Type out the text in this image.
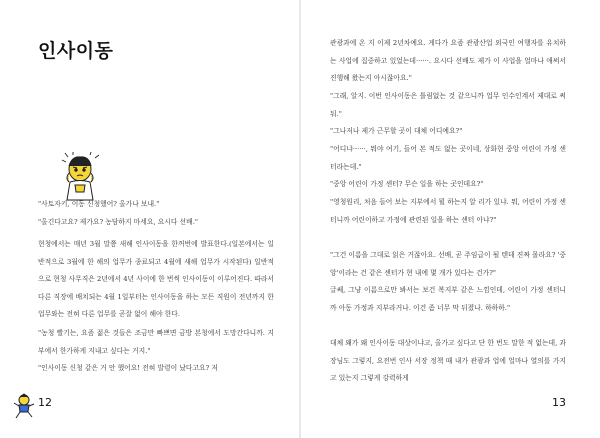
인사이동

"사토자키, 이동 신청했어? 올가나 보내."

"올긴다고요? 제가요? 농담하지 마세요, 요시다 선배."

현청에서는 매년 3월 말쯤 새해 인사이동을 한꺼번에 발표한다.(일본에서는 일반적으로 3월에 한 해의 업무가 종료되고 4월에 새해 업무가 시작된다) 일반적으로 현청 사무직은 2년에서 4년 사이에 한 번씩 인사이동이 이루어진다. 따라서 다른 직장에 배치되는 4월 1일부터는 인사이동을 하는 모든 직원이 전년까지 한 업무와는 전혀 다른 업무를 곧잘 없이 해야 한다.

"농청 빨기는, 요즘 젊은 것들은 조금만 빠쁘면 금방 본청에서 도망간다니까. 지부에서 한가하게 지내고 싶다는 거지."

"인사이동 신청 같은 거 안 했어요! 전혀 발령이 났다고요? 저

12

관광과에 온 지 이제 2년차예요. 게다가 요즘 관광산업 외국인 여행자를 유치하는 사업에 집중하고 있었는데······. 요시다 선배도 제가 이 사업을 얼마나 애써서 진행해 왔는지 아시잖아요."

"그래, 알지. 이번 인사이동은 틀림없는 것 같으니까 업무 인수인계서 제대로 써 둬."

"그나저나 제가 근무할 곳이 대체 어디예요?"

"어디냐······, 뭐야 여기, 들어 본 적도 없는 곳이네, 상화현 중앙 어린이 가정 센터라는데."

"중앙 어린이 가정 센터? 무슨 일을 하는 곳인데요?"

"영청원리, 처음 들어 보는 지부에서 뭘 하는지 알 리가 있냐. 뭐, 어린이 가정 센터니까 어린이하고 가정에 관련된 일을 하는 센터 아냐?"

"그건 이름을 그대로 읽은 거잖아요. 선배, 곧 주임급이 될 텐데 진짜 몰라요? '중앙'이라는 건 같은 센터가 현 내에 몇 개가 있다는 건가?"

글쎄, 그냥 이름으로만 봐서는 보건 복지부 같은 느낌인데, 어린이 가정 센터니까 아동 가정과 지부라거나. 이건 좀 너무 막 뒤졌나. 하하하."

대체 왜가 왜 인사이동 대상이냐고, 올가고 싶다고 단 한 번도 말한 적 없는데, 과장님도 그렇지, 요전번 인사 서장 정책 때 내가 관광과 업에 얼마나 열의를 가지고 있는지 그렇게 강력하게

13
